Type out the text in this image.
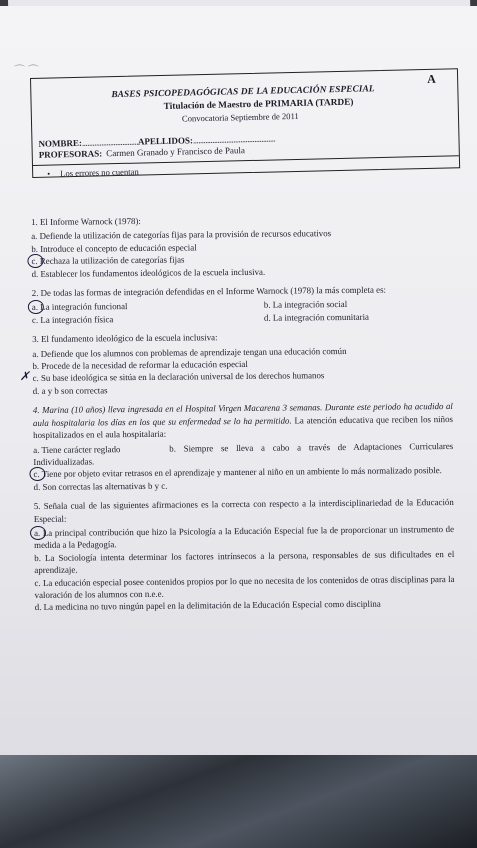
⌒ ⌒
A
BASES PSICOPEDAGÓGICAS DE LA EDUCACIÓN ESPECIAL
Titulación de Maestro de PRIMARIA (TARDE)
Convocatoria Septiembre de 2011
NOMBRE:................................APELLIDOS:...............................................
PROFESORAS: Carmen Granado y Francisco de Paula
• Los errores no cuentan

1. El Informe Warnock (1978):

a. Defiende la utilización de categorías fijas para la provisión de recursos educativos

b. Introduce el concepto de educación especial

c. Rechaza la utilización de categorías fijas

d. Establecer los fundamentos ideológicos de la escuela inclusiva.

2. De todas las formas de integración defendidas en el Informe Warnock (1978) la más completa es:

a. La integración funcional	b. La integración social
c. La integración física	d. La integración comunitaria

3. El fundamento ideológico de la escuela inclusiva:

a. Defiende que los alumnos con problemas de aprendizaje tengan una educación común

b. Procede de la necesidad de reformar la educación especial

✗ c. Su base ideológica se sitúa en la declaración universal de los derechos humanos

d. a y b son correctas

4. Marina (10 años) lleva ingresada en el Hospital Virgen Macarena 3 semanas. Durante este periodo ha acudido al aula hospitalaria los días en los que su enfermedad se lo ha permitido. La atención educativa que reciben los niños hospitalizados en el aula hospitalaria:

a. Tiene carácter reglado	b. Siempre se lleva a cabo a través de Adaptaciones Curriculares Individualizadas.

c. Tiene por objeto evitar retrasos en el aprendizaje y mantener al niño en un ambiente lo más normalizado posible.

d. Son correctas las alternativas b y c.

5. Señala cual de las siguientes afirmaciones es la correcta con respecto a la interdisciplinariedad de la Educación Especial:

a. La principal contribución que hizo la Psicología a la Educación Especial fue la de proporcionar un instrumento de medida a la Pedagogía.

b. La Sociología intenta determinar los factores intrínsecos a la persona, responsables de sus dificultades en el aprendizaje.

c. La educación especial posee contenidos propios por lo que no necesita de los contenidos de otras disciplinas para la valoración de los alumnos con n.e.e.

d. La medicina no tuvo ningún papel en la delimitación de la Educación Especial como disciplina
